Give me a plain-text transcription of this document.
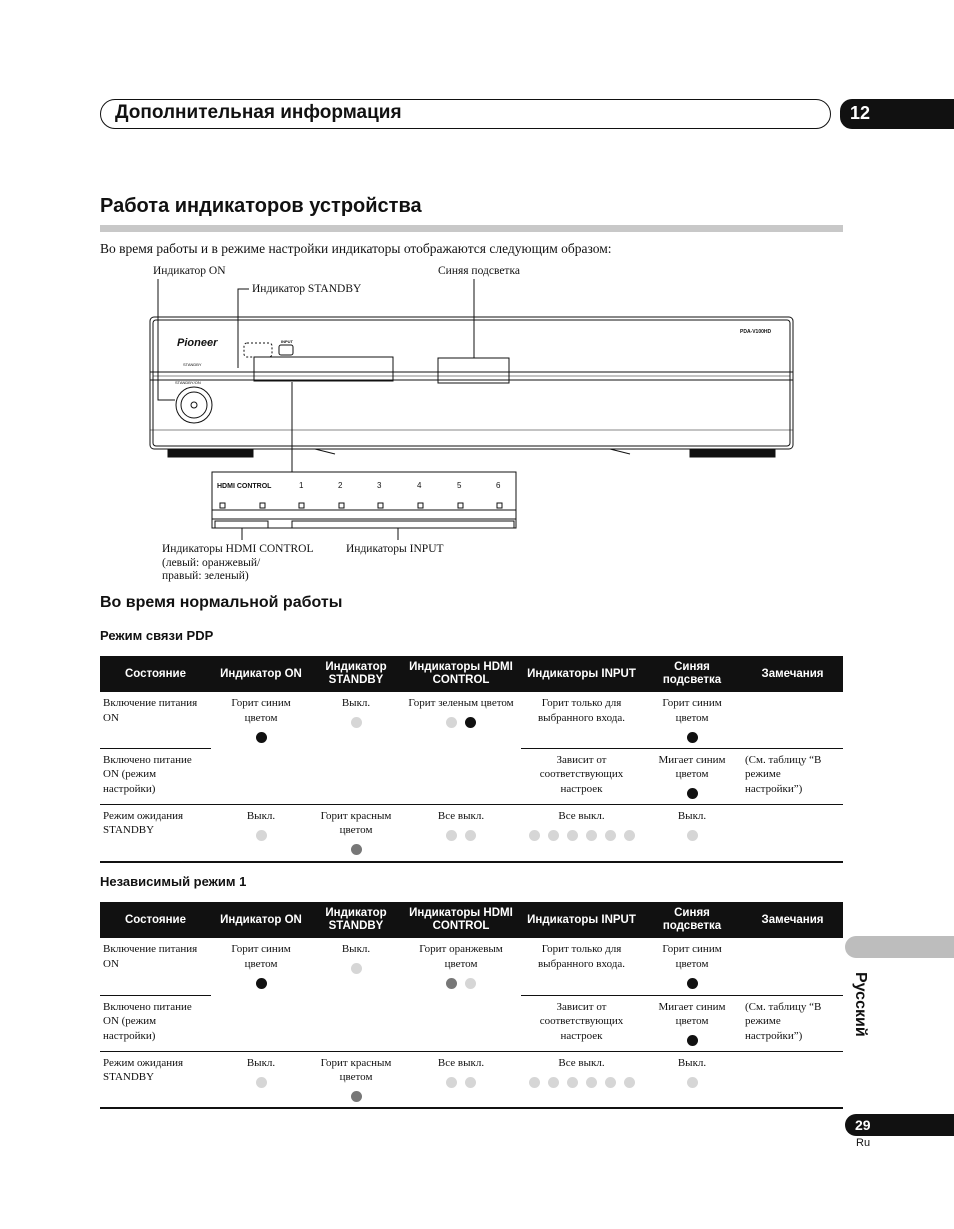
Дополнительная информация	12
Работа индикаторов устройства
Во время работы и в режиме настройки индикаторы отображаются следующим образом:
Индикатор ON
Индикатор STANDBY
Синяя подсветка
Индикаторы HDMI CONTROL
(левый: оранжевый/
правый: зеленый)
Индикаторы INPUT
Pioneer
PDA-V100HD
STANDBY
INPUT
STANDBY/ON
HDMI CONTROL	1	2	3	4	5	6
Во время нормальной работы
Режим связи PDP
Состояние	Индикатор ON	Индикатор STANDBY	Индикаторы HDMI CONTROL	Индикаторы INPUT	Синяя подсветка	Замечания
Включение питания ON	Горит синим цветом	Выкл.	Горит зеленым цветом	Горит только для выбранного входа.	Горит синим цветом	

Включено питание ON (режим настройки)				Зависит от соответствующих настроек	Мигает синим цветом	(См. таблицу “В режиме настройки”)
Режим ожидания STANDBY	Выкл.	Горит красным цветом	Все выкл.	Все выкл.	Выкл.	

Независимый режим 1
Состояние	Индикатор ON	Индикатор STANDBY	Индикаторы HDMI CONTROL	Индикаторы INPUT	Синяя подсветка	Замечания
Включение питания ON	Горит синим цветом	Выкл.	Горит оранжевым цветом	Горит только для выбранного входа.	Горит синим цветом	

Включено питание ON (режим настройки)				Зависит от соответствующих настроек	Мигает синим цветом	(См. таблицу “В режиме настройки”)
Режим ожидания STANDBY	Выкл.	Горит красным цветом	Все выкл.	Все выкл.	Выкл.	

Русский
29
Ru
